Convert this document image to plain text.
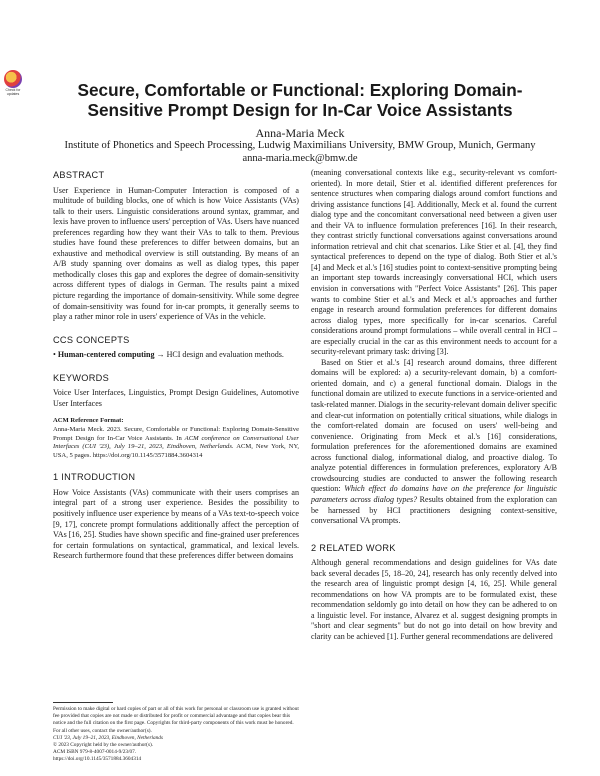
Check for updates	Secure, Comfortable or Functional: Exploring Domain-Sensitive Prompt Design for In-Car Voice Assistants
Anna-Maria Meck
Institute of Phonetics and Speech Processing, Ludwig Maximilians University, BMW Group, Munich, Germany
anna-maria.meck@bmw.de
ABSTRACT

User Experience in Human-Computer Interaction is composed of a multitude of building blocks, one of which is how Voice Assistants (VAs) talk to their users. Linguistic considerations around syntax, grammar, and lexis have proven to influence users' perception of VAs. Users have nuanced preferences regarding how they want their VAs to talk to them. Previous studies have found these preferences to differ between domains, but an exhaustive and methodical overview is still outstanding. By means of an A/B study spanning over domains as well as dialog types, this paper methodically closes this gap and explores the degree of domain-sensitivity across different types of dialogs in German. The results paint a mixed picture regarding the importance of domain-sensitivity. While some degree of domain-sensitivity was found for in-car prompts, it generally seems to play a rather minor role in users' experience of VAs in the vehicle.

CCS CONCEPTS

• Human-centered computing → HCI design and evaluation methods.

KEYWORDS

Voice User Interfaces, Linguistics, Prompt Design Guidelines, Automotive User Interfaces

ACM Reference Format:

Anna-Maria Meck. 2023. Secure, Comfortable or Functional: Exploring Domain-Sensitive Prompt Design for In-Car Voice Assistants. In ACM conference on Conversational User Interfaces (CUI '23), July 19–21, 2023, Eindhoven, Netherlands. ACM, New York, NY, USA, 5 pages. https://doi.org/10.1145/3571884.3604314

1 INTRODUCTION

How Voice Assistants (VAs) communicate with their users comprises an integral part of a strong user experience. Besides the possibility to positively influence user experience by means of a VAs text-to-speech voice [9, 17], concrete prompt formulations additionally affect the perception of VAs [16, 25]. Studies have shown specific and fine-grained user preferences for certain formulations on syntactical, grammatical, and lexical levels. Research furthermore found that these preferences differ between domains

Permission to make digital or hard copies of part or all of this work for personal or classroom use is granted without fee provided that copies are not made or distributed for profit or commercial advantage and that copies bear this notice and the full citation on the first page. Copyrights for third-party components of this work must be honored. For all other uses, contact the owner/author(s).
CUI '23, July 19–21, 2023, Eindhoven, Netherlands
© 2023 Copyright held by the owner/author(s).
ACM ISBN 979-8-4007-0014-9/23/07.
https://doi.org/10.1145/3571884.3604314

(meaning conversational contexts like e.g., security-relevant vs comfort-oriented). In more detail, Stier et al. identified different preferences for sentence structures when comparing dialogs around comfort functions and driving assistance functions [4]. Additionally, Meck et al. found the current dialog type and the concomitant conversational need between a given user and their VA to influence formulation preferences [16]. In their research, they contrast strictly functional conversations against conversations around information retrieval and chit chat scenarios. Like Stier et al. [4], they find syntactical preferences to depend on the type of dialog. Both Stier et al.'s [4] and Meck et al.'s [16] studies point to context-sensitive prompting being an important step towards increasingly conversational HCI, which users envision in conversations with "Perfect Voice Assistants" [26]. This paper wants to combine Stier et al.'s and Meck et al.'s approaches and further engage in research around formulation preferences for different domains across dialog types, more specifically for in-car scenarios. Careful considerations around prompt formulations – while overall central in HCI – are especially crucial in the car as this environment needs to account for a security-relevant primary task: driving [3].

Based on Stier et al.'s [4] research around domains, three different domains will be explored: a) a security-relevant domain, b) a comfort-oriented domain, and c) a general functional domain. Dialogs in the functional domain are utilized to execute functions in a service-oriented and task-related manner. Dialogs in the security-relevant domain deliver specific and clear-cut information on potentially critical situations, while dialogs in the comfort-related domain are focused on users' well-being and convenience. Originating from Meck et al.'s [16] considerations, formulation preferences for the aforementioned domains are examined across functional dialog, informational dialog, and proactive dialog. To analyze potential differences in formulation preferences, exploratory A/B crowdsourcing studies are conducted to answer the following research question: Which effect do domains have on the preference for linguistic parameters across dialog types? Results obtained from the exploration can be harnessed by HCI practitioners designing context-sensitive, conversational VA prompts.

2 RELATED WORK

Although general recommendations and design guidelines for VAs date back several decades [5, 18–20, 24], research has only recently delved into the research area of linguistic prompt design [4, 16, 25]. While general recommendations on how VA prompts are to be formulated exist, these recommendation seldomly go into detail on how they can be adhered to on a linguistic level. For instance, Alvarez et al. suggest designing prompts in "short and clear segments" but do not go into detail on how brevity and clarity can be achieved [1]. Further general recommendations are delivered
